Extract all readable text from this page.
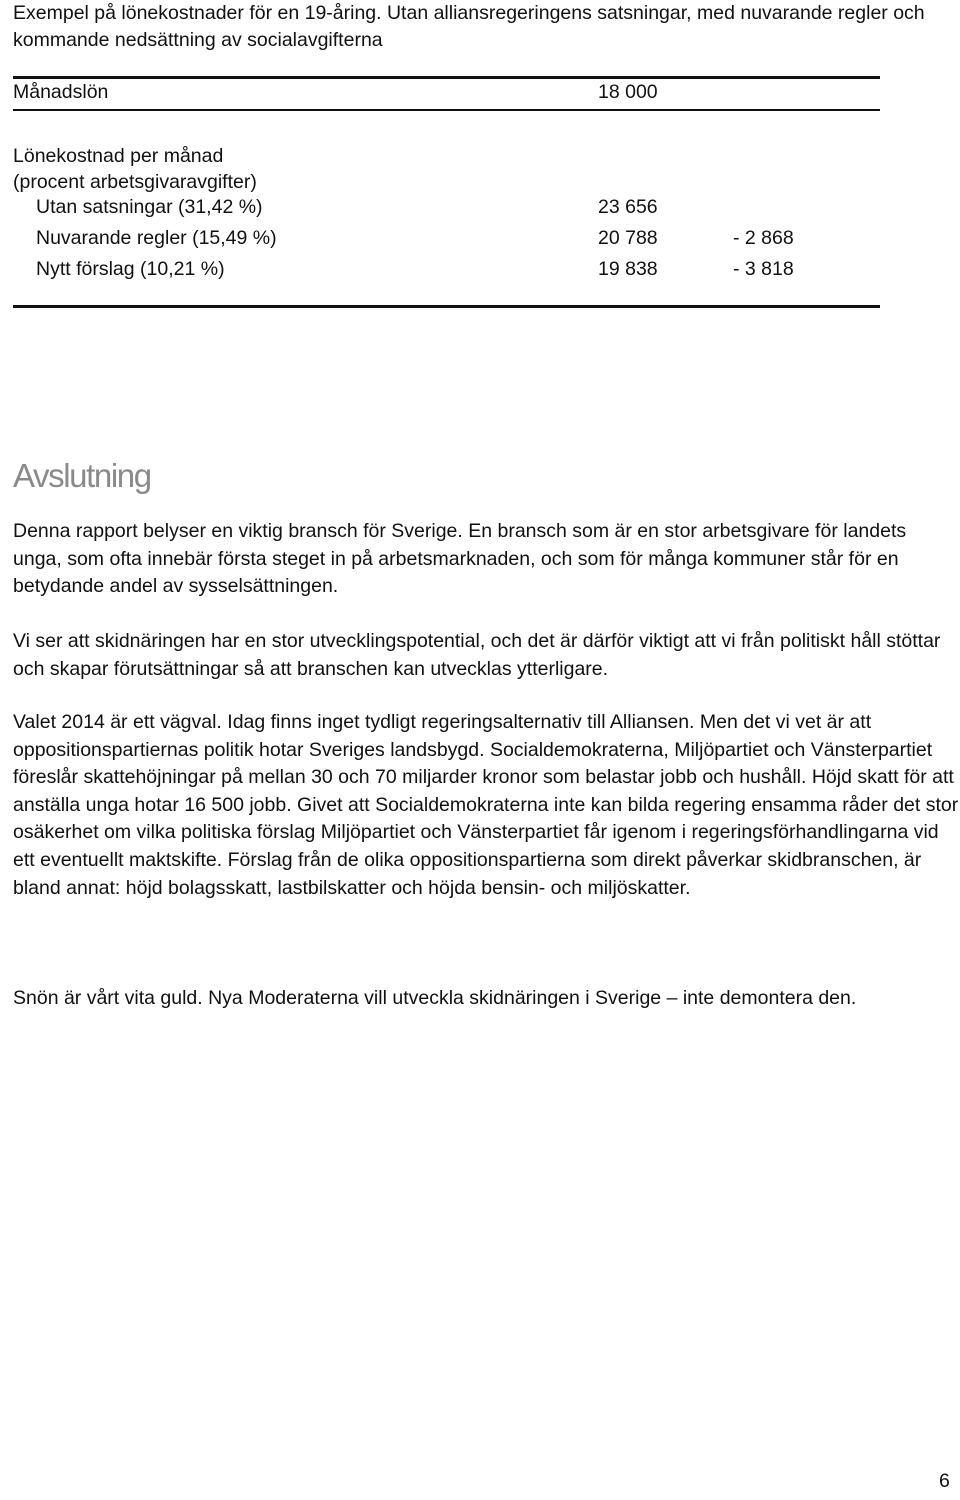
Exempel på lönekostnader för en 19-åring. Utan alliansregeringens satsningar, med nuvarande regler och kommande nedsättning av socialavgifterna
Månadslön	18 000
Lönekostnad per månad
(procent arbetsgivaravgifter)
Utan satsningar (31,42 %)	23 656
Nuvarande regler (15,49 %)	20 788	- 2 868
Nytt förslag (10,21 %)	19 838	- 3 818
Avslutning

Denna rapport belyser en viktig bransch för Sverige. En bransch som är en stor arbetsgivare för landets unga, som ofta innebär första steget in på arbetsmarknaden, och som för många kommuner står för en betydande andel av sysselsättningen.

Vi ser att skidnäringen har en stor utvecklingspotential, och det är därför viktigt att vi från politiskt håll stöttar och skapar förutsättningar så att branschen kan utvecklas ytterligare.

Valet 2014 är ett vägval. Idag finns inget tydligt regeringsalternativ till Alliansen. Men det vi vet är att oppositionspartiernas politik hotar Sveriges landsbygd. Socialdemokraterna, Miljöpartiet och Vänsterpartiet föreslår skattehöjningar på mellan 30 och 70 miljarder kronor som belastar jobb och hushåll. Höjd skatt för att anställa unga hotar 16 500 jobb. Givet att Socialdemokraterna inte kan bilda regering ensamma råder det stor osäkerhet om vilka politiska förslag Miljöpartiet och Vänsterpartiet får igenom i regeringsförhandlingarna vid ett eventuellt maktskifte. Förslag från de olika oppositionspartierna som direkt påverkar skidbranschen, är bland annat: höjd bolagsskatt, lastbilskatter och höjda bensin- och miljöskatter.

Snön är vårt vita guld. Nya Moderaterna vill utveckla skidnäringen i Sverige – inte demontera den.

6
